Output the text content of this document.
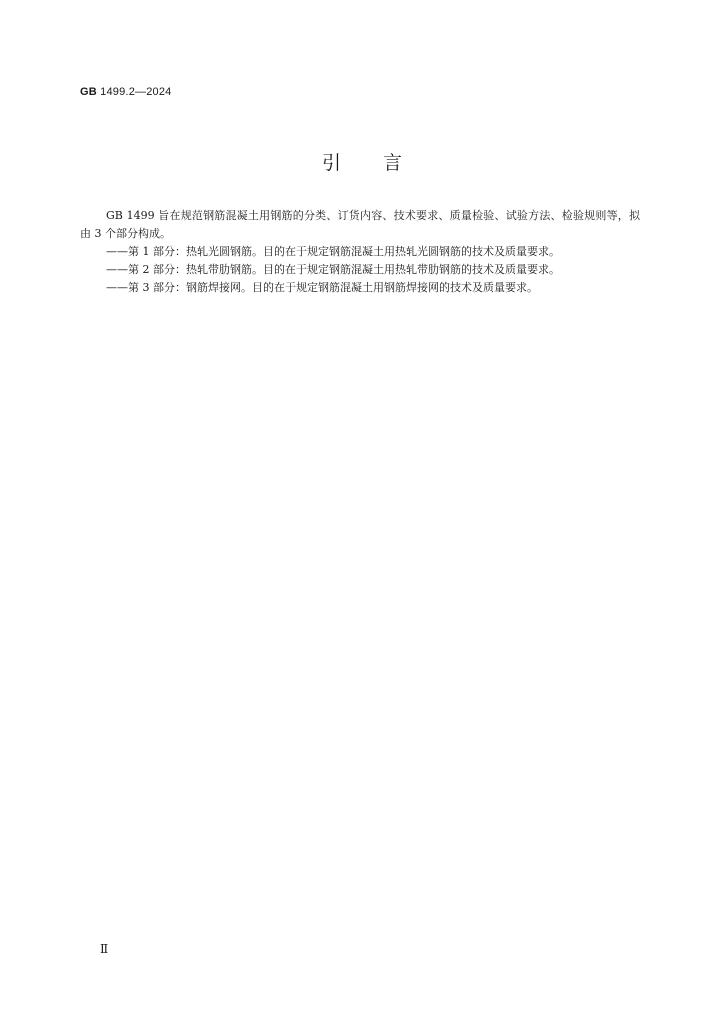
GB 1499.2—2024
引言

GB 1499 旨在规范钢筋混凝土用钢筋的分类、订货内容、技术要求、质量检验、试验方法、检验规则等，拟由 3 个部分构成。

——第 1 部分：热轧光圆钢筋。目的在于规定钢筋混凝土用热轧光圆钢筋的技术及质量要求。

——第 2 部分：热轧带肋钢筋。目的在于规定钢筋混凝土用热轧带肋钢筋的技术及质量要求。

——第 3 部分：钢筋焊接网。目的在于规定钢筋混凝土用钢筋焊接网的技术及质量要求。

Ⅱ
